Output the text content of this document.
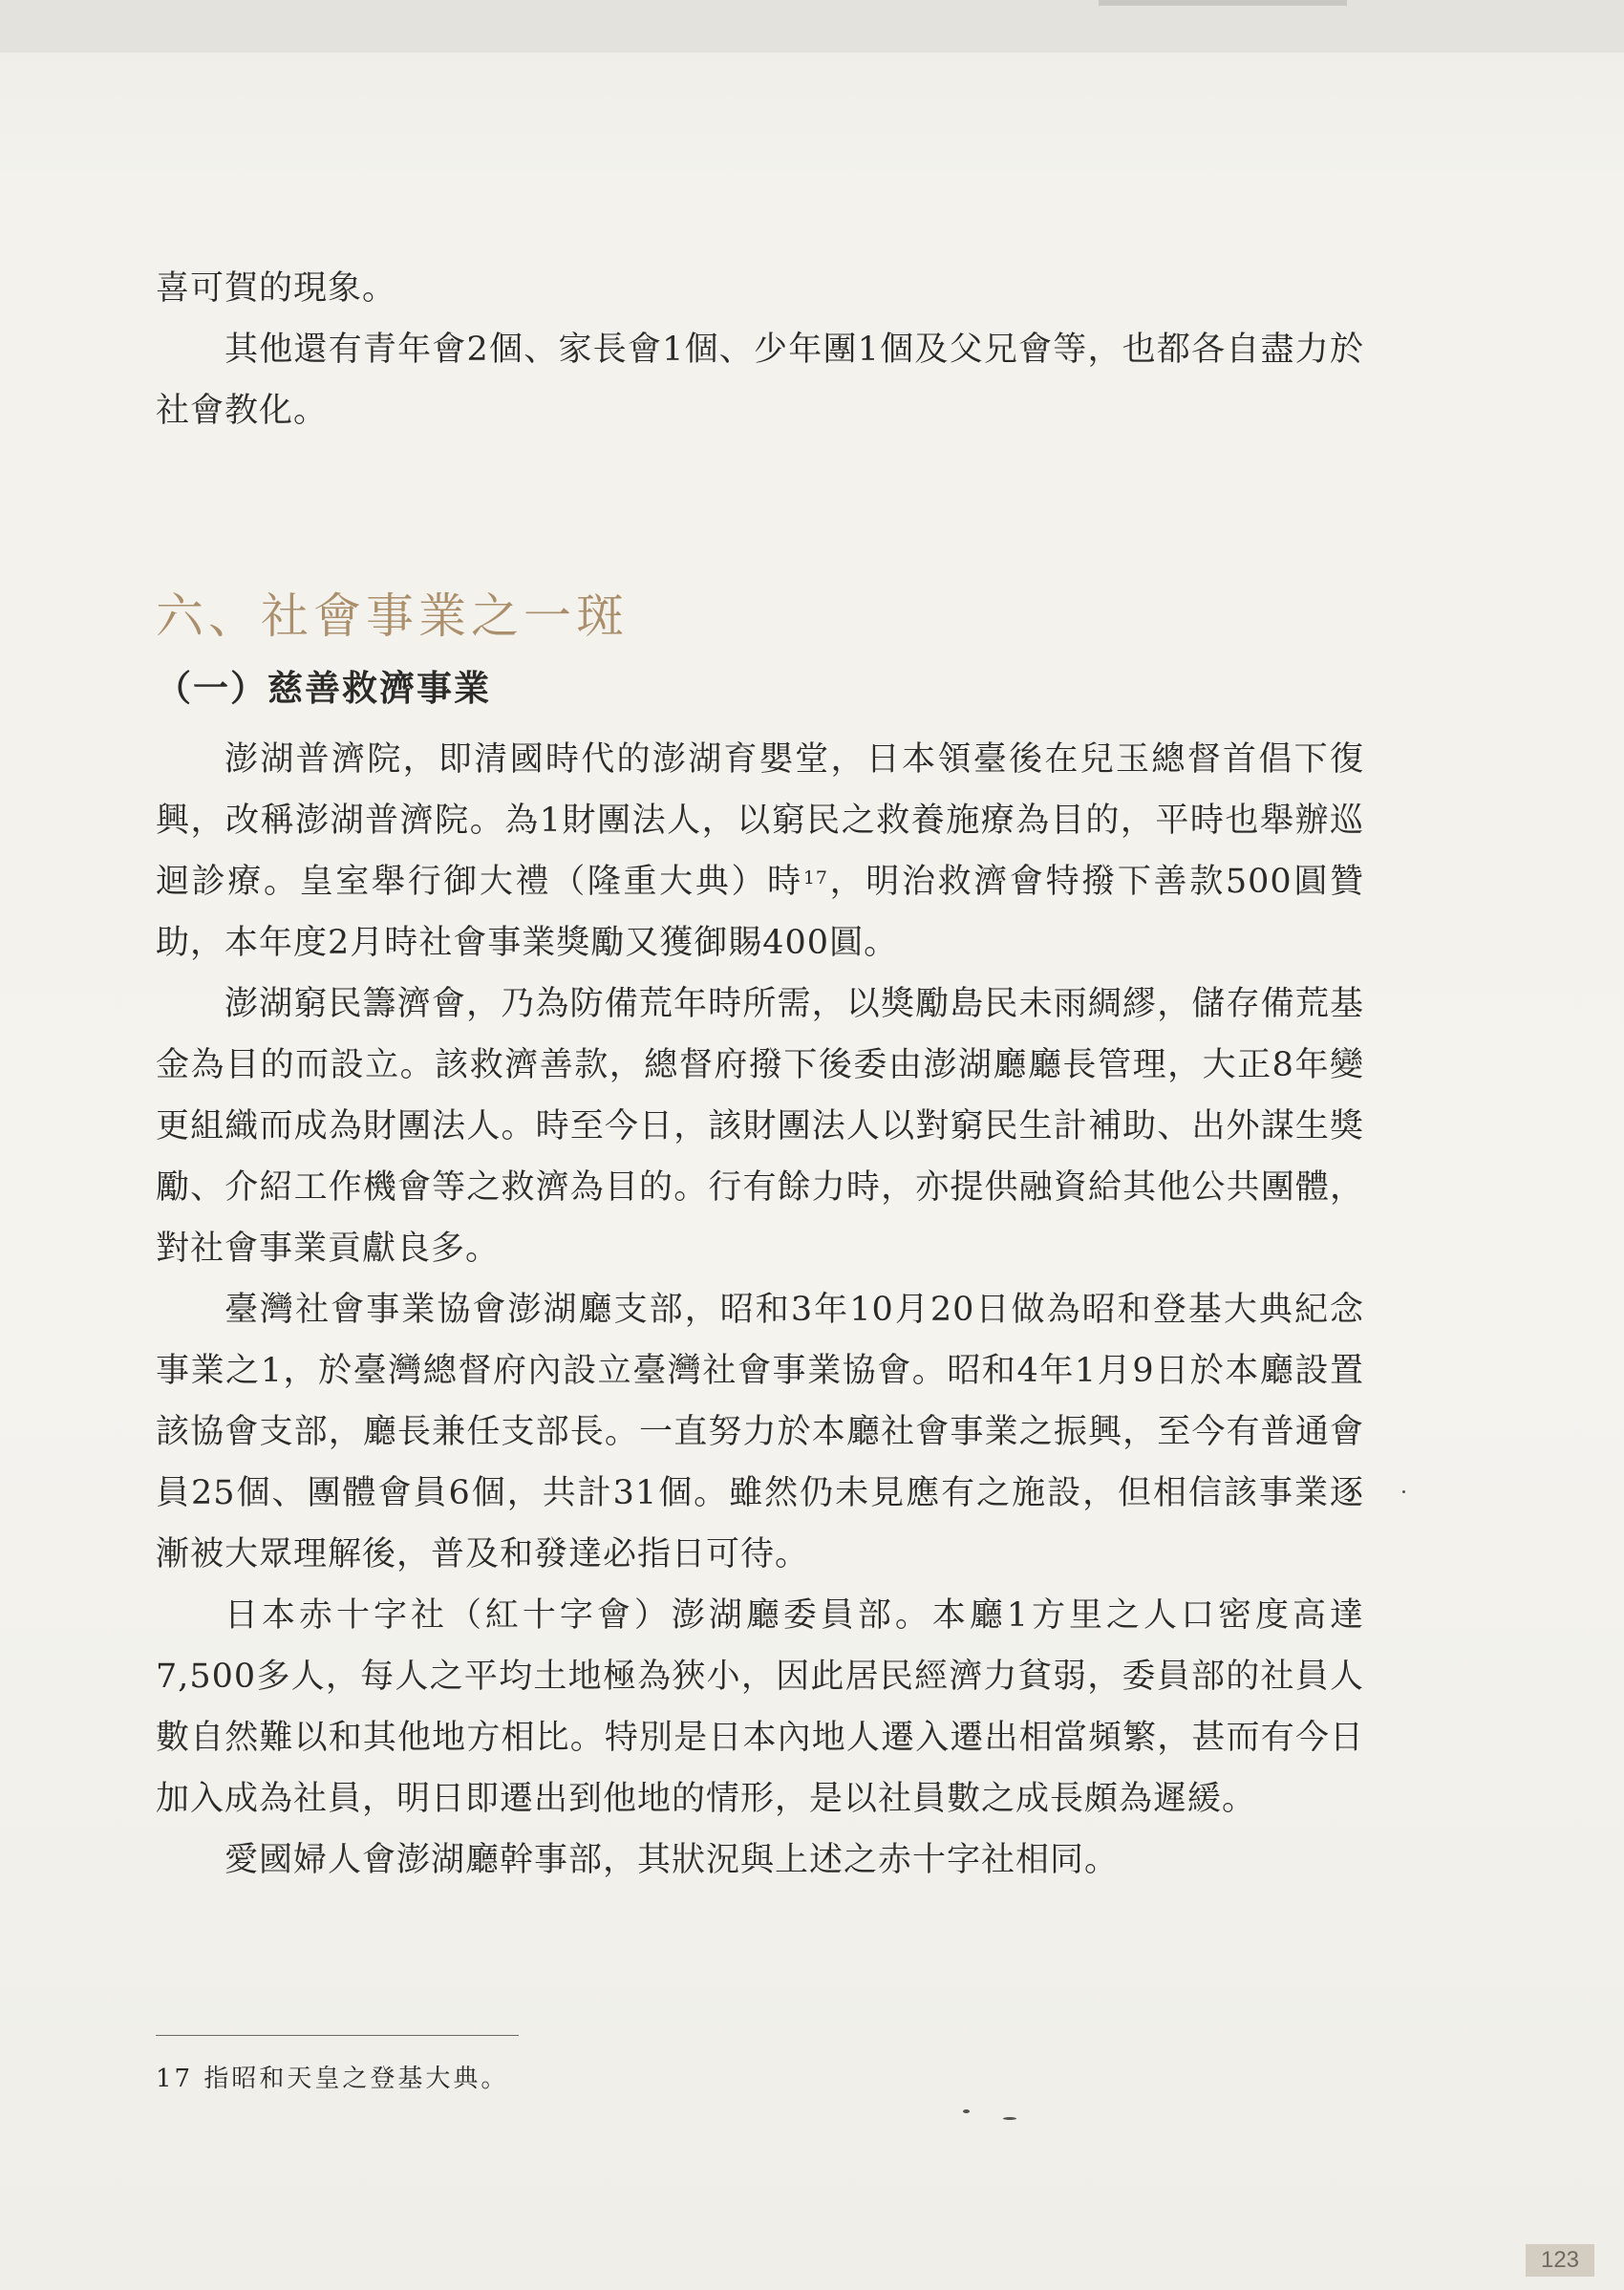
喜可賀的現象。

其他還有青年會2個、家長會1個、少年團1個及父兄會等，也都各自盡力於社會教化。

六、社會事業之一斑
（一）慈善救濟事業

澎湖普濟院，即清國時代的澎湖育嬰堂，日本領臺後在兒玉總督首倡下復興，改稱澎湖普濟院。為1財團法人，以窮民之救養施療為目的，平時也舉辦巡迴診療。皇室舉行御大禮（隆重大典）時$^{17}$，明治救濟會特撥下善款500圓贊助，本年度2月時社會事業獎勵又獲御賜400圓。

澎湖窮民籌濟會，乃為防備荒年時所需，以獎勵島民未雨綢繆，儲存備荒基金為目的而設立。該救濟善款，總督府撥下後委由澎湖廳廳長管理，大正8年變更組織而成為財團法人。時至今日，該財團法人以對窮民生計補助、出外謀生獎勵、介紹工作機會等之救濟為目的。行有餘力時，亦提供融資給其他公共團體，對社會事業貢獻良多。

臺灣社會事業協會澎湖廳支部，昭和3年10月20日做為昭和登基大典紀念事業之1，於臺灣總督府內設立臺灣社會事業協會。昭和4年1月9日於本廳設置該協會支部，廳長兼任支部長。一直努力於本廳社會事業之振興，至今有普通會員25個、團體會員6個，共計31個。雖然仍未見應有之施設，但相信該事業逐漸被大眾理解後，普及和發達必指日可待。

日本赤十字社（紅十字會）澎湖廳委員部。本廳1方里之人口密度高達7,500多人，每人之平均土地極為狹小，因此居民經濟力貧弱，委員部的社員人數自然難以和其他地方相比。特別是日本內地人遷入遷出相當頻繁，甚而有今日加入成為社員，明日即遷出到他地的情形，是以社員數之成長頗為遲緩。

愛國婦人會澎湖廳幹事部，其狀況與上述之赤十字社相同。

17 指昭和天皇之登基大典。

123
